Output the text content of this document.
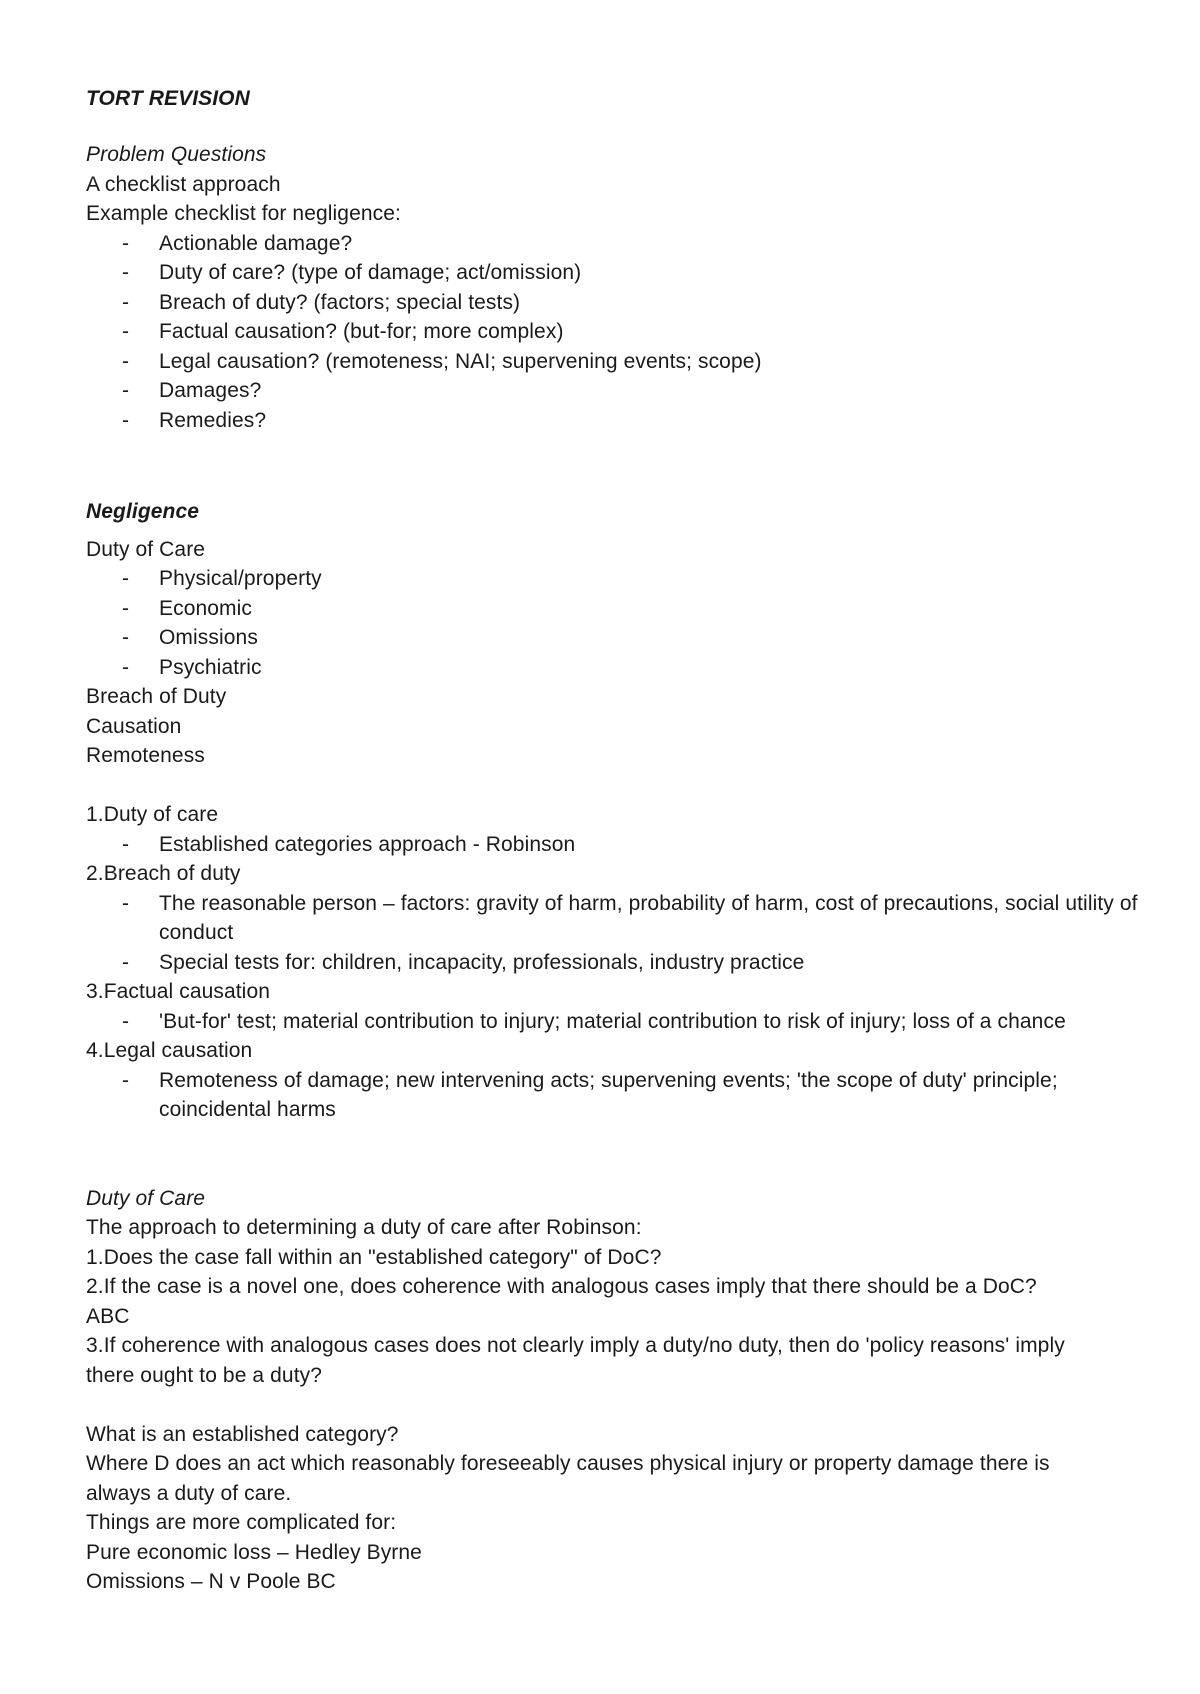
TORT REVISION
Problem Questions
A checklist approach
Example checklist for negligence:
- Actionable damage?
- Duty of care? (type of damage; act/omission)
- Breach of duty? (factors; special tests)
- Factual causation? (but-for; more complex)
- Legal causation? (remoteness; NAI; supervening events; scope)
- Damages?
- Remedies?
Negligence
Duty of Care
- Physical/property
- Economic
- Omissions
- Psychiatric
Breach of Duty
Causation
Remoteness
1.Duty of care
- Established categories approach - Robinson
2.Breach of duty
- The reasonable person – factors: gravity of harm, probability of harm, cost of precautions, social utility of conduct
- Special tests for: children, incapacity, professionals, industry practice
3.Factual causation
- 'But-for' test; material contribution to injury; material contribution to risk of injury; loss of a chance
4.Legal causation
- Remoteness of damage; new intervening acts; supervening events; 'the scope of duty' principle; coincidental harms
Duty of Care
The approach to determining a duty of care after Robinson:
1.Does the case fall within an "established category" of DoC?
2.If the case is a novel one, does coherence with analogous cases imply that there should be a DoC?
ABC
3.If coherence with analogous cases does not clearly imply a duty/no duty, then do 'policy reasons' imply there ought to be a duty?
What is an established category?
Where D does an act which reasonably foreseeably causes physical injury or property damage there is always a duty of care.
Things are more complicated for:
Pure economic loss – Hedley Byrne
Omissions – N v Poole BC
